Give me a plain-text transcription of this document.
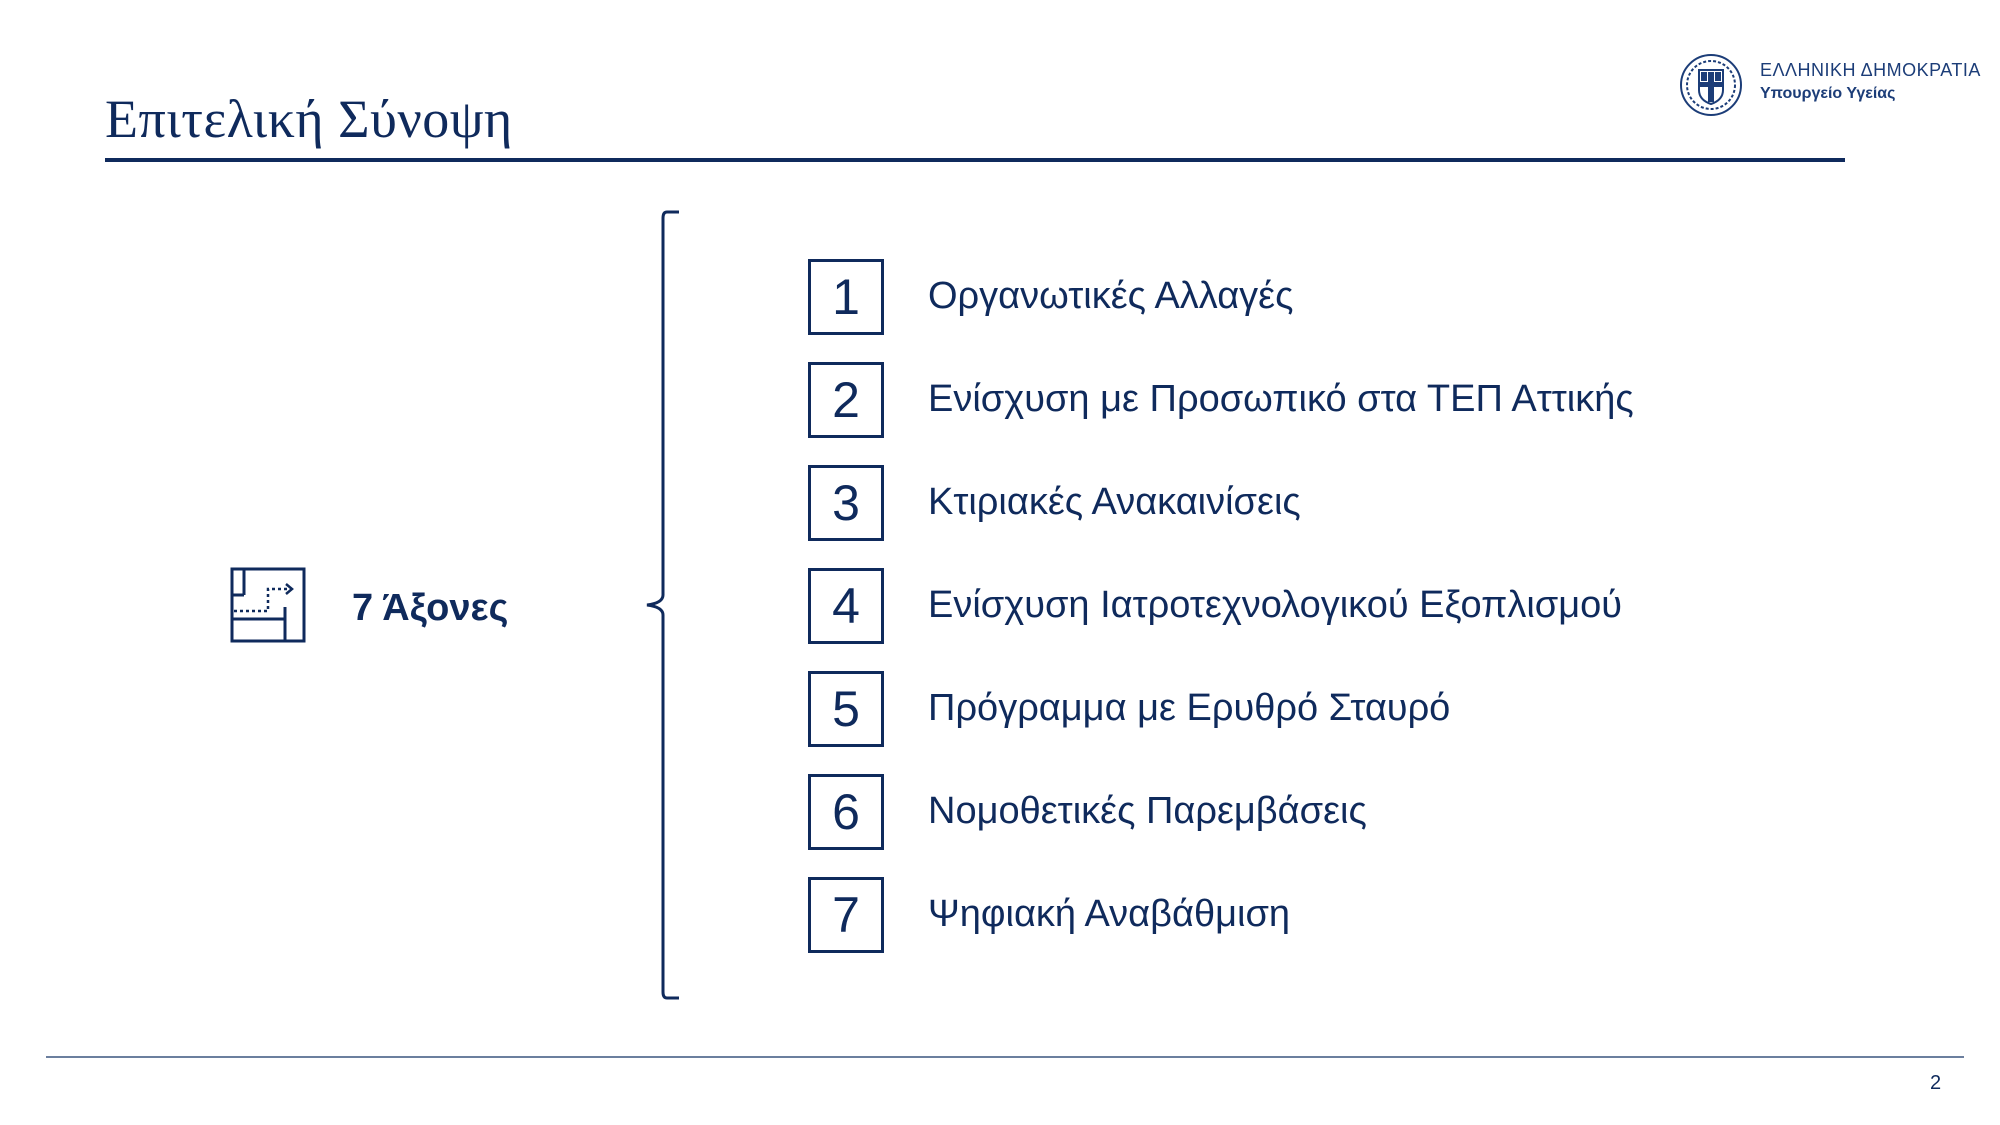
Επιτελική Σύνοψη
ΕΛΛΗΝΙΚΗ ΔΗΜΟΚΡΑΤΙΑ
Υπουργείο Υγείας
7 Άξονες
1	Οργανωτικές Αλλαγές
2	Ενίσχυση με Προσωπικό στα ΤΕΠ Αττικής
3	Κτιριακές Ανακαινίσεις
4	Ενίσχυση Ιατροτεχνολογικού Εξοπλισμού
5	Πρόγραμμα με Ερυθρό Σταυρό
6	Νομοθετικές Παρεμβάσεις
7	Ψηφιακή Αναβάθμιση
2
